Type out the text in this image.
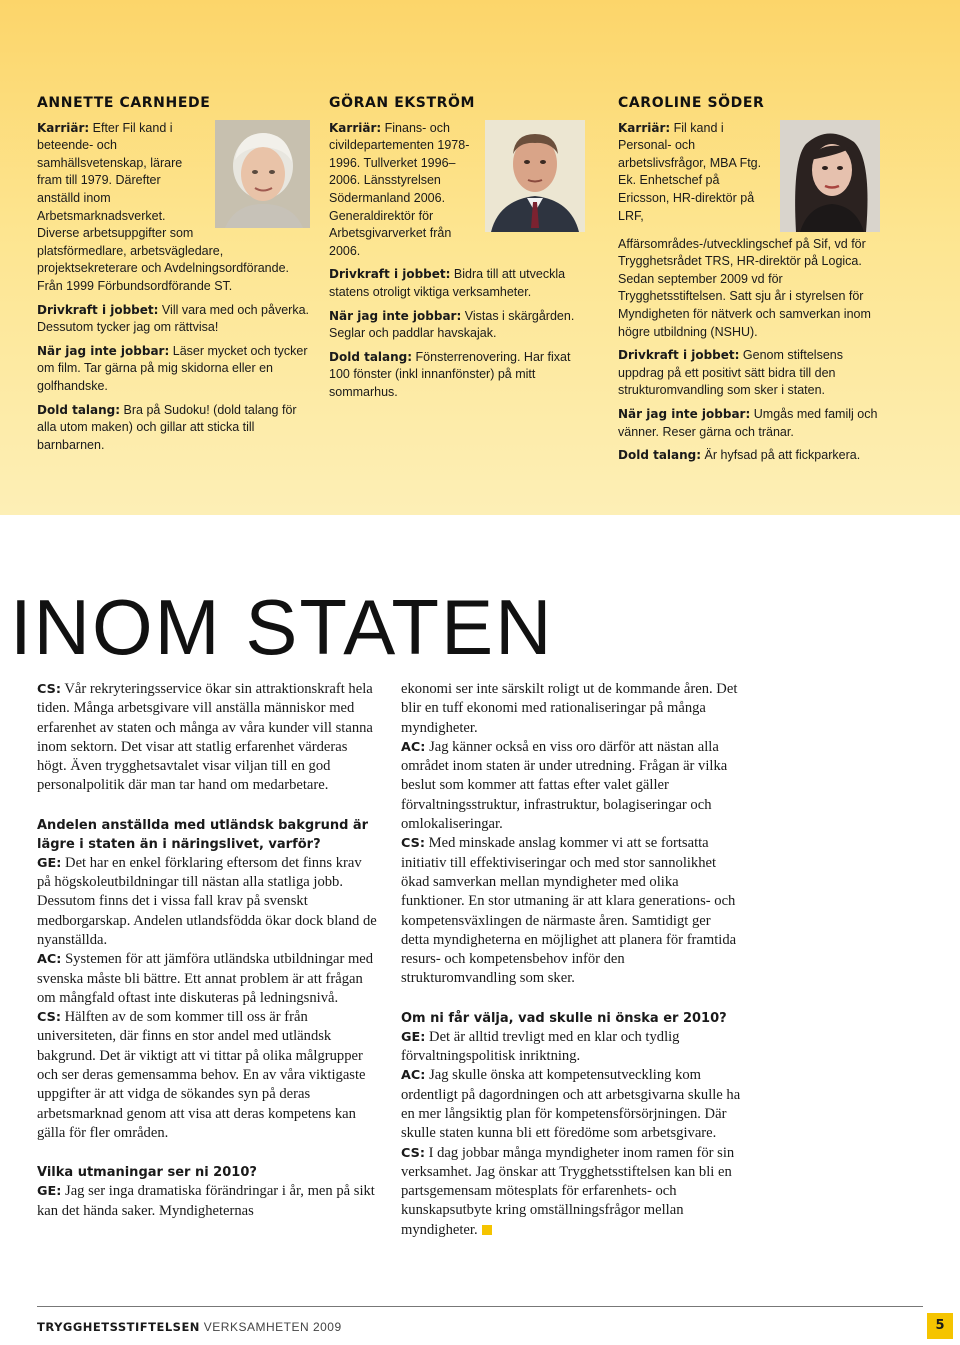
ANNETTE CARNHEDE
Karriär: Efter Fil kand i beteende- och samhällsvetenskap, lärare fram till 1979. Därefter anställd inom Arbetsmarknadsverket. Diverse arbetsuppgifter som platsförmedlare, arbetsvägledare, projektsekreterare och Avdelningsordförande. Från 1999 Förbundsordförande ST.
Drivkraft i jobbet: Vill vara med och påverka. Dessutom tycker jag om rättvisa!
När jag inte jobbar: Läser mycket och tycker om film. Tar gärna på mig skidorna eller en golfhandske.
Dold talang: Bra på Sudoku! (dold talang för alla utom maken) och gillar att sticka till barnbarnen.
GÖRAN EKSTRÖM
Karriär: Finans- och civildepartementen 1978-1996. Tullverket 1996–2006. Länsstyrelsen Södermanland 2006. Generaldirektör för Arbetsgivarverket från 2006.
Drivkraft i jobbet: Bidra till att utveckla statens otroligt viktiga verksamheter.
När jag inte jobbar: Vistas i skärgården. Seglar och paddlar havskajak.
Dold talang: Fönsterrenovering. Har fixat 100 fönster (inkl innanfönster) på mitt sommarhus.
CAROLINE SÖDER
Karriär: Fil kand i Personal- och arbetslivsfrågor, MBA Ftg. Ek. Enhetschef på Ericsson, HR-direktör på LRF, Affärsområdes-/utvecklingschef på Sif, vd för Trygghetsrådet TRS, HR-direktör på Logica. Sedan september 2009 vd för Trygghetsstiftelsen. Satt sju år i styrelsen för Myndigheten för nätverk och samverkan inom högre utbildning (NSHU).
Drivkraft i jobbet: Genom stiftelsens uppdrag på ett positivt sätt bidra till den strukturomvandling som sker i staten.
När jag inte jobbar: Umgås med familj och vänner. Reser gärna och tränar.
Dold talang: Är hyfsad på att fickparkera.
INOM STATEN
CS: Vår rekryteringsservice ökar sin attraktionskraft hela tiden. Många arbetsgivare vill anställa människor med erfarenhet av staten och många av våra kunder vill stanna inom sektorn. Det visar att statlig erfarenhet värderas högt. Även trygghetsavtalet visar viljan till en god personalpolitik där man tar hand om medarbetare.
Andelen anställda med utländsk bakgrund är lägre i staten än i näringslivet, varför?
GE: Det har en enkel förklaring eftersom det finns krav på högskoleutbildningar till nästan alla statliga jobb. Dessutom finns det i vissa fall krav på svenskt medborgarskap. Andelen utlandsfödda ökar dock bland de nyanställda.
AC: Systemen för att jämföra utländska utbildningar med svenska måste bli bättre. Ett annat problem är att frågan om mångfald oftast inte diskuteras på ledningsnivå.
CS: Hälften av de som kommer till oss är från universiteten, där finns en stor andel med utländsk bakgrund. Det är viktigt att vi tittar på olika målgrupper och ser deras gemensamma behov. En av våra viktigaste uppgifter är att vidga de sökandes syn på deras arbetsmarknad genom att visa att deras kompetens kan gälla för fler områden.
Vilka utmaningar ser ni 2010?
GE: Jag ser inga dramatiska förändringar i år, men på sikt kan det hända saker. Myndigheternas
ekonomi ser inte särskilt roligt ut de kommande åren. Det blir en tuff ekonomi med rationaliseringar på många myndigheter.
AC: Jag känner också en viss oro därför att nästan alla området inom staten är under utredning. Frågan är vilka beslut som kommer att fattas efter valet gäller förvaltningsstruktur, infrastruktur, bolagiseringar och omlokaliseringar.
CS: Med minskade anslag kommer vi att se fortsatta initiativ till effektiviseringar och med stor sannolikhet ökad samverkan mellan myndigheter med olika funktioner. En stor utmaning är att klara generations- och kompetensväxlingen de närmaste åren. Samtidigt ger detta myndigheterna en möjlighet att planera för framtida resurs- och kompetensbehov inför den strukturomvandling som sker.
Om ni får välja, vad skulle ni önska er 2010?
GE: Det är alltid trevligt med en klar och tydlig förvaltningspolitisk inriktning.
AC: Jag skulle önska att kompetensutveckling kom ordentligt på dagordningen och att arbetsgivarna skulle ha en mer långsiktig plan för kompetensförsörjningen. Där skulle staten kunna bli ett föredöme som arbetsgivare.
CS: I dag jobbar många myndigheter inom ramen för sin verksamhet. Jag önskar att Trygghetsstiftelsen kan bli en partsgemensam mötesplats för erfarenhets- och kunskapsutbyte kring omställningsfrågor mellan myndigheter.
TRYGGHETSSTIFTELSEN VERKSAMHETEN 2009	5
